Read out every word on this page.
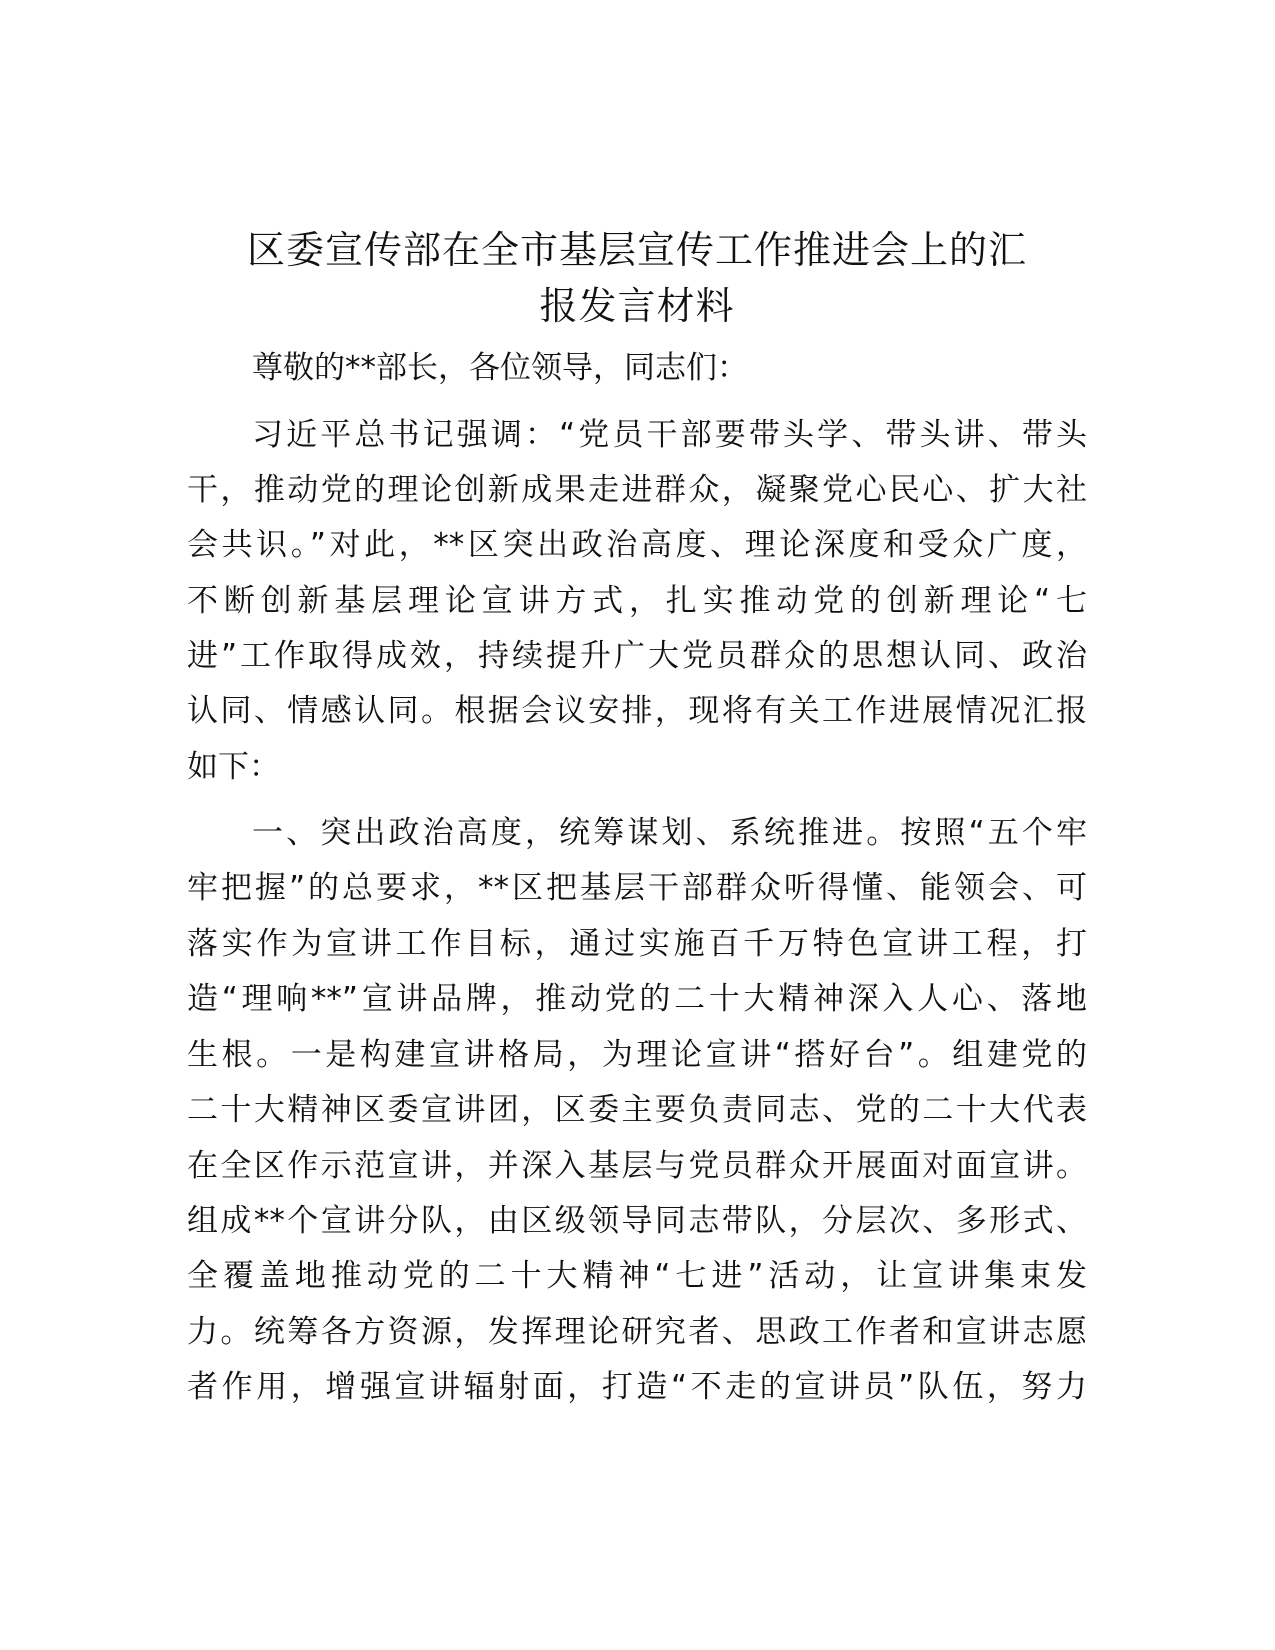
区委宣传部在全市基层宣传工作推进会上的汇
报发言材料
尊敬的**部长，各位领导，同志们：
习近平总书记强调：“党员干部要带头学、带头讲、带头
干，推动党的理论创新成果走进群众，凝聚党心民心、扩大社
会共识。”对此，**区突出政治高度、理论深度和受众广度，
不断创新基层理论宣讲方式，扎实推动党的创新理论“七
进”工作取得成效，持续提升广大党员群众的思想认同、政治
认同、情感认同。根据会议安排，现将有关工作进展情况汇报
如下：
一、突出政治高度，统筹谋划、系统推进。按照“五个牢
牢把握”的总要求，**区把基层干部群众听得懂、能领会、可
落实作为宣讲工作目标，通过实施百千万特色宣讲工程，打
造“理响**”宣讲品牌，推动党的二十大精神深入人心、落地
生根。一是构建宣讲格局，为理论宣讲“搭好台”。组建党的
二十大精神区委宣讲团，区委主要负责同志、党的二十大代表
在全区作示范宣讲，并深入基层与党员群众开展面对面宣讲。
组成**个宣讲分队，由区级领导同志带队，分层次、多形式、
全覆盖地推动党的二十大精神“七进”活动，让宣讲集束发
力。统筹各方资源，发挥理论研究者、思政工作者和宣讲志愿
者作用，增强宣讲辐射面，打造“不走的宣讲员”队伍，努力
